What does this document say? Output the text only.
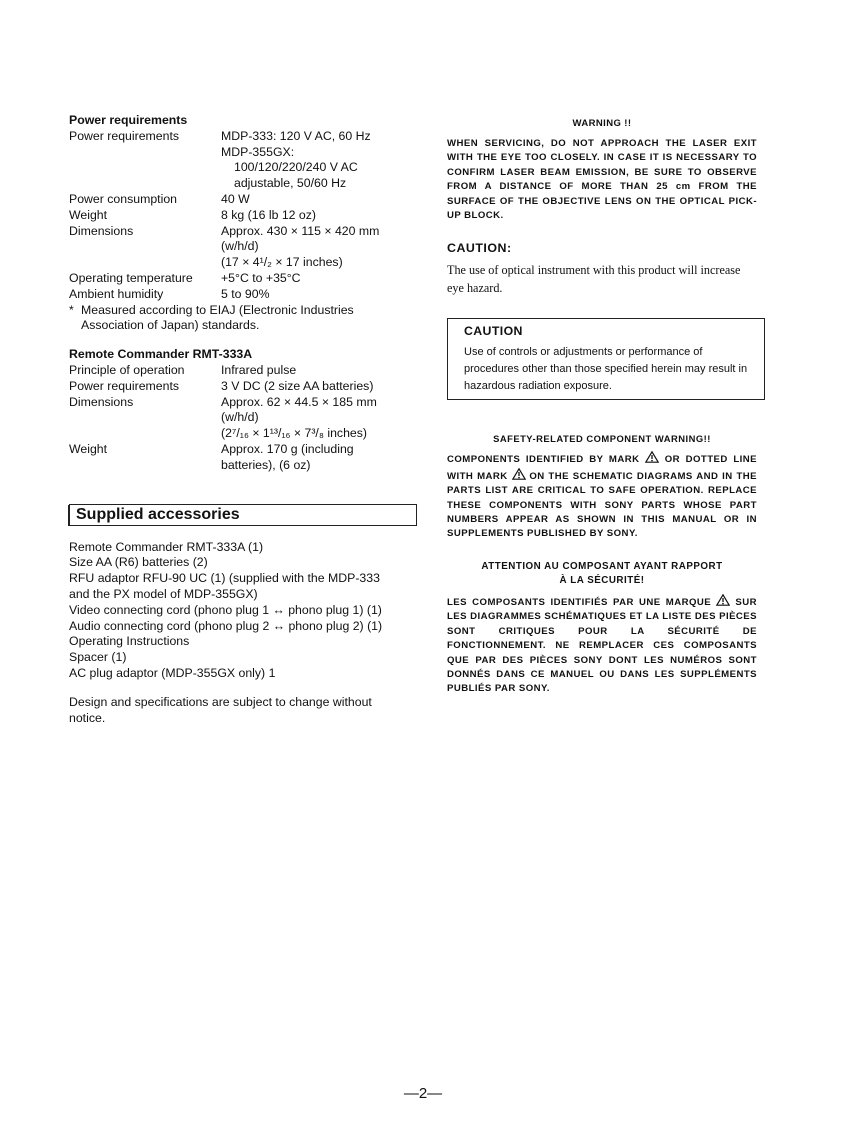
Power requirements
Power requirements	MDP-333: 120 V AC, 60 Hz
MDP-355GX:
100/120/220/240 V AC
adjustable, 50/60 Hz
Power consumption	40 W
Weight	8 kg (16 lb 12 oz)
Dimensions	Approx. 430 × 115 × 420 mm
(w/h/d)
(17 × 4¹/₂ × 17 inches)
Operating temperature	+5°C to +35°C
Ambient humidity	5 to 90%
* Measured according to EIAJ (Electronic Industries
Association of Japan) standards.
Remote Commander RMT-333A
Principle of operation	Infrared pulse
Power requirements	3 V DC (2 size AA batteries)
Dimensions	Approx. 62 × 44.5 × 185 mm
(w/h/d)
(2⁷/₁₆ × 1¹³/₁₆ × 7³/₈ inches)
Weight	Approx. 170 g (including
batteries), (6 oz)
Supplied accessories
Remote Commander RMT-333A (1)
Size AA (R6) batteries (2)
RFU adaptor RFU-90 UC (1) (supplied with the MDP-333
and the PX model of MDP-355GX)
Video connecting cord (phono plug 1 ↔ phono plug 1) (1)
Audio connecting cord (phono plug 2 ↔ phono plug 2) (1)
Operating Instructions
Spacer (1)
AC plug adaptor (MDP-355GX only) 1
Design and specifications are subject to change without
notice.
WARNING !!
WHEN SERVICING, DO NOT APPROACH THE LASER EXIT WITH THE EYE TOO CLOSELY. IN CASE IT IS NECESSARY TO CONFIRM LASER BEAM EMISSION, BE SURE TO OBSERVE FROM A DISTANCE OF MORE THAN 25 cm FROM THE SURFACE OF THE OBJECTIVE LENS ON THE OPTICAL PICK-UP BLOCK.
CAUTION:
The use of optical instrument with this product will increase eye hazard.
CAUTION
Use of controls or adjustments or performance of procedures other than those specified herein may result in hazardous radiation exposure.
SAFETY-RELATED COMPONENT WARNING!!
COMPONENTS IDENTIFIED BY MARK	OR DOTTED LINE WITH MARK ON THE SCHEMATIC DIAGRAMS AND IN THE PARTS LIST ARE CRITICAL TO SAFE OPERATION. REPLACE THESE COMPONENTS WITH SONY PARTS WHOSE PART NUMBERS APPEAR AS SHOWN IN THIS MANUAL OR IN SUPPLEMENTS PUBLISHED BY SONY.
ATTENTION AU COMPOSANT AYANT RAPPORT
À LA SÉCURITÉ!
LES COMPOSANTS IDENTIFIÉS PAR UNE MARQUE	SUR LES DIAGRAMMES SCHÉMATIQUES ET LA LISTE DES PIÈCES SONT CRITIQUES POUR LA SÉCURITÉ DE FONCTIONNEMENT. NE REMPLACER CES COMPOSANTS QUE PAR DES PIÈCES SONY DONT LES NUMÉROS SONT DONNÉS DANS CE MANUEL OU DANS LES SUPPLÉMENTS PUBLIÉS PAR SONY.
—2—
